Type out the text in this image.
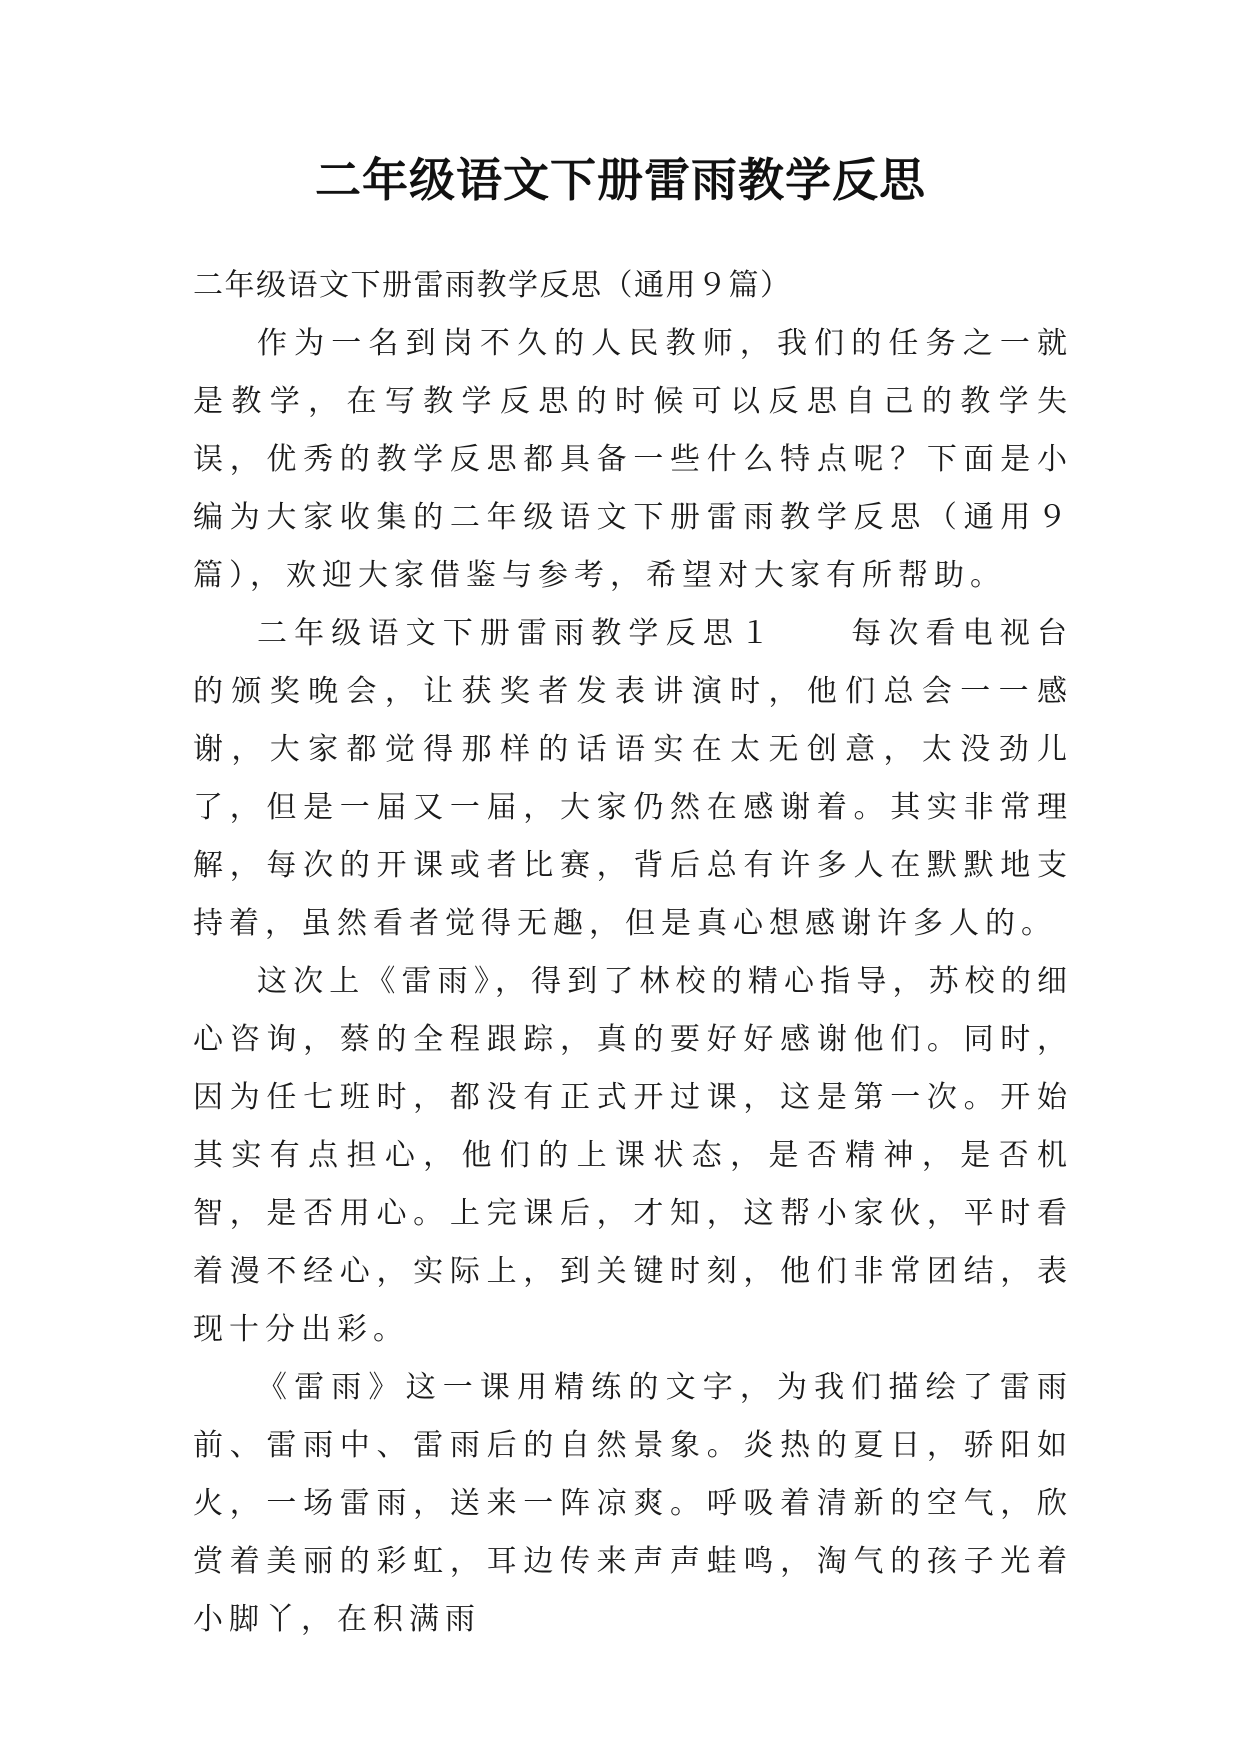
二年级语文下册雷雨教学反思

二年级语文下册雷雨教学反思（通用９篇）

作为一名到岗不久的人民教师，我们的任务之一就是教学，在写教学反思的时候可以反思自己的教学失误，优秀的教学反思都具备一些什么特点呢？下面是小编为大家收集的二年级语文下册雷雨教学反思（通用９篇），欢迎大家借鉴与参考，希望对大家有所帮助。

二年级语文下册雷雨教学反思１　　每次看电视台的颁奖晚会，让获奖者发表讲演时，他们总会一一感谢，大家都觉得那样的话语实在太无创意，太没劲儿了，但是一届又一届，大家仍然在感谢着。其实非常理解，每次的开课或者比赛，背后总有许多人在默默地支持着，虽然看者觉得无趣，但是真心想感谢许多人的。

这次上《雷雨》，得到了林校的精心指导，苏校的细心咨询，蔡的全程跟踪，真的要好好感谢他们。同时，因为任七班时，都没有正式开过课，这是第一次。开始其实有点担心，他们的上课状态，是否精神，是否机智，是否用心。上完课后，才知，这帮小家伙，平时看着漫不经心，实际上，到关键时刻，他们非常团结，表现十分出彩。

《雷雨》这一课用精练的文字，为我们描绘了雷雨前、雷雨中、雷雨后的自然景象。炎热的夏日，骄阳如火，一场雷雨，送来一阵凉爽。呼吸着清新的空气，欣赏着美丽的彩虹，耳边传来声声蛙鸣，淘气的孩子光着小脚丫，在积满雨
